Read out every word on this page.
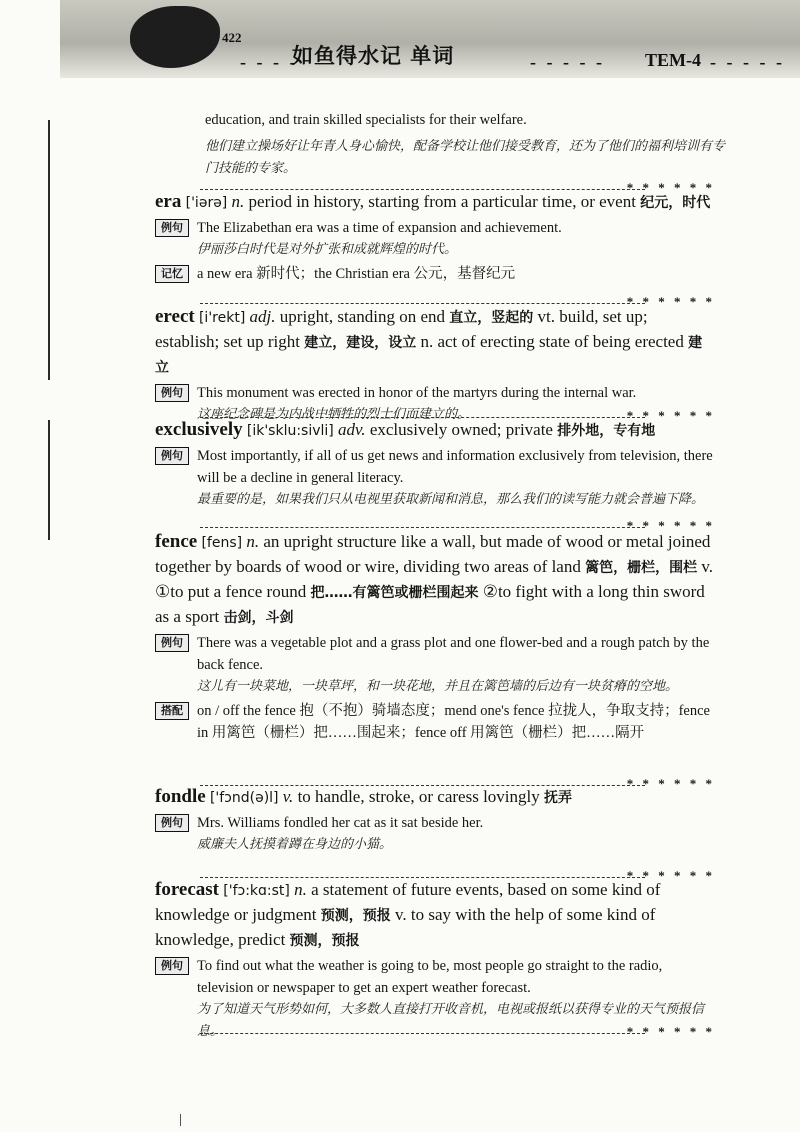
422
- - - -
如鱼得水记 单词	- - - - - TEM-4 - - - - -
education, and train skilled specialists for their welfare.
他们建立操场好让年青人身心愉快，配备学校让他们接受教育，还为了他们的福利培训有专门技能的专家。
* * * * * *
* * * * * *
* * * * * *
* * * * * *
* * * * * *
* * * * * *
* * * * * *
era ['iərə] n. period in history, starting from a particular time, or event 纪元，时代
例句 The Elizabethan era was a time of expansion and achievement.
伊丽莎白时代是对外扩张和成就辉煌的时代。
记忆 a new era 新时代；the Christian era 公元，基督纪元
erect [i'rekt] adj. upright, standing on end 直立，竖起的 vt. build, set up; establish; set up right 建立，建设，设立 n. act of erecting state of being erected 建立
例句 This monument was erected in honor of the martyrs during the internal war.
这座纪念碑是为内战中牺牲的烈士们而建立的。
exclusively [ik'sklu:sivli] adv. exclusively owned; private 排外地，专有地
例句 Most importantly, if all of us get news and information exclusively from television, there will be a decline in general literacy.
最重要的是，如果我们只从电视里获取新闻和消息，那么我们的读写能力就会普遍下降。
fence [fens] n. an upright structure like a wall, but made of wood or metal joined together by boards of wood or wire, dividing two areas of land 篱笆，栅栏，围栏 v. ①to put a fence round 把……有篱笆或栅栏围起来 ②to fight with a long thin sword as a sport 击剑，斗剑
例句 There was a vegetable plot and a grass plot and one flower-bed and a rough patch by the back fence.
这儿有一块菜地，一块草坪，和一块花地，并且在篱笆墙的后边有一块贫瘠的空地。
搭配 on / off the fence 抱（不抱）骑墙态度；mend one's fence 拉拢人，争取支持；fence in 用篱笆（栅栏）把……围起来；fence off 用篱笆（栅栏）把……隔开
fondle ['fɔnd(ə)l] v. to handle, stroke, or caress lovingly 抚弄
例句 Mrs. Williams fondled her cat as it sat beside her.
威廉夫人抚摸着蹲在身边的小猫。
forecast ['fɔ:kɑ:st] n. a statement of future events, based on some kind of knowledge or judgment 预测，预报 v. to say with the help of some kind of knowledge, predict 预测，预报
例句 To find out what the weather is going to be, most people go straight to the radio, television or newspaper to get an expert weather forecast.
为了知道天气形势如何，大多数人直接打开收音机，电视或报纸以获得专业的天气预报信息。
